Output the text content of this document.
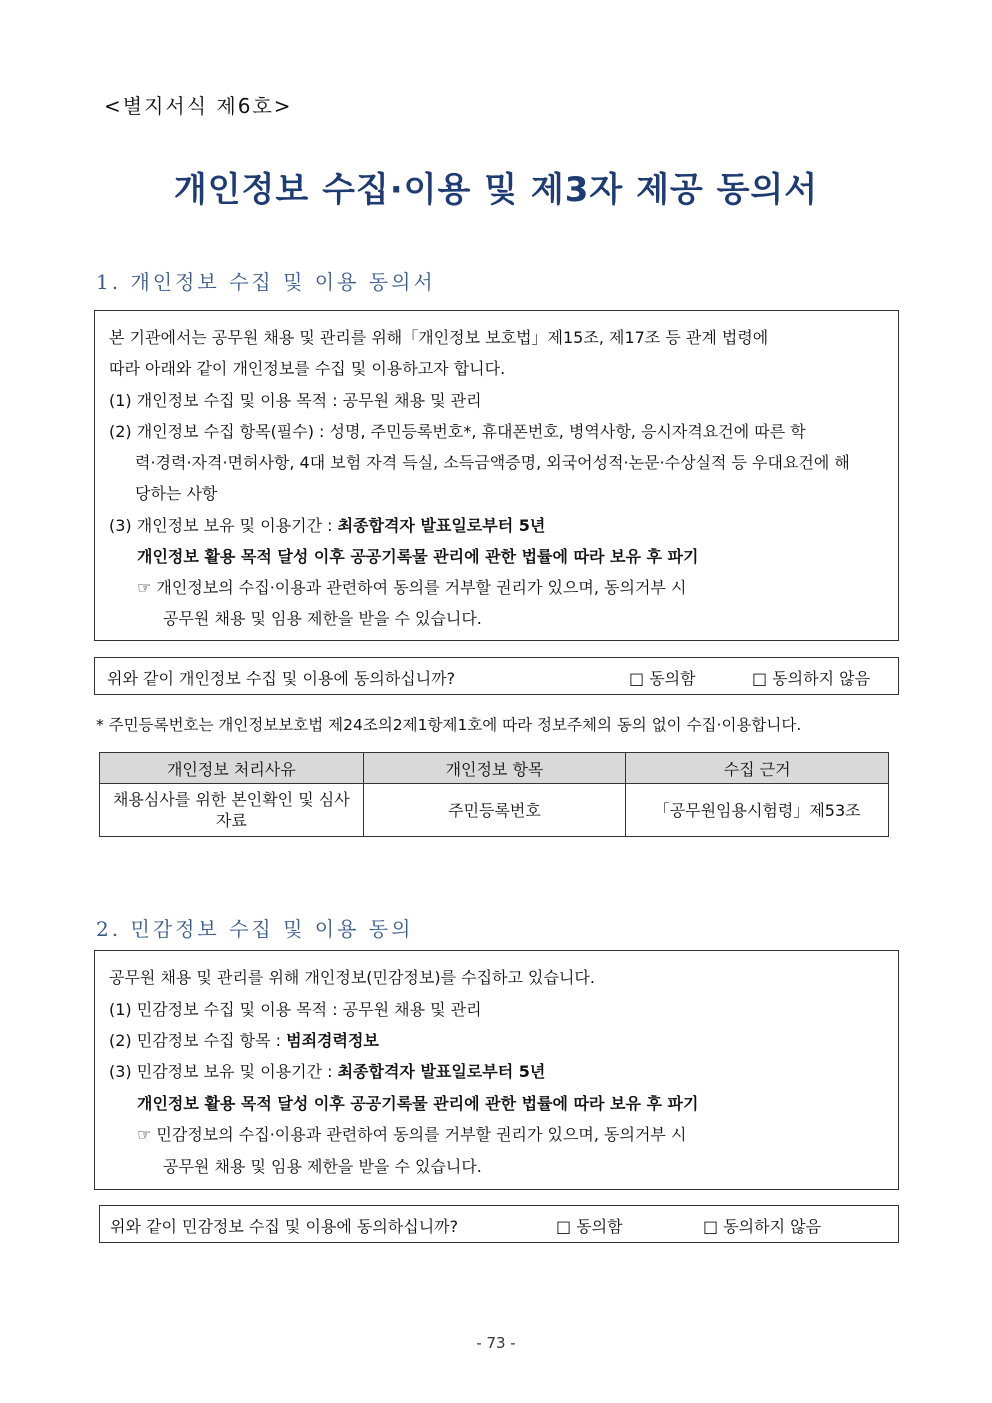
<별지서식 제6호>
개인정보 수집·이용 및 제3자 제공 동의서
1. 개인정보 수집 및 이용 동의서
본 기관에서는 공무원 채용 및 관리를 위해「개인정보 보호법」제15조, 제17조 등 관계 법령에
따라 아래와 같이 개인정보를 수집 및 이용하고자 합니다.
(1) 개인정보 수집 및 이용 목적 : 공무원 채용 및 관리
(2) 개인정보 수집 항목(필수) : 성명, 주민등록번호*, 휴대폰번호, 병역사항, 응시자격요건에 따른 학
력·경력·자격·면허사항, 4대 보험 자격 득실, 소득금액증명, 외국어성적·논문·수상실적 등 우대요건에 해
당하는 사항
(3) 개인정보 보유 및 이용기간 : 최종합격자 발표일로부터 5년
개인정보 활용 목적 달성 이후 공공기록물 관리에 관한 법률에 따라 보유 후 파기
☞ 개인정보의 수집·이용과 관련하여 동의를 거부할 권리가 있으며, 동의거부 시
공무원 채용 및 임용 제한을 받을 수 있습니다.
위와 같이 개인정보 수집 및 이용에 동의하십니까?	□ 동의함	□ 동의하지 않음
* 주민등록번호는 개인정보보호법 제24조의2제1항제1호에 따라 정보주체의 동의 없이 수집·이용합니다.
개인정보 처리사유	개인정보 항목	수집 근거
채용심사를 위한 본인확인 및 심사자료	주민등록번호	「공무원임용시험령」제53조
2. 민감정보 수집 및 이용 동의
공무원 채용 및 관리를 위해 개인정보(민감정보)를 수집하고 있습니다.
(1) 민감정보 수집 및 이용 목적 : 공무원 채용 및 관리
(2) 민감정보 수집 항목 : 범죄경력정보
(3) 민감정보 보유 및 이용기간 : 최종합격자 발표일로부터 5년
개인정보 활용 목적 달성 이후 공공기록물 관리에 관한 법률에 따라 보유 후 파기
☞ 민감정보의 수집·이용과 관련하여 동의를 거부할 권리가 있으며, 동의거부 시
공무원 채용 및 임용 제한을 받을 수 있습니다.
위와 같이 민감정보 수집 및 이용에 동의하십니까?	□ 동의함	□ 동의하지 않음
- 73 -
